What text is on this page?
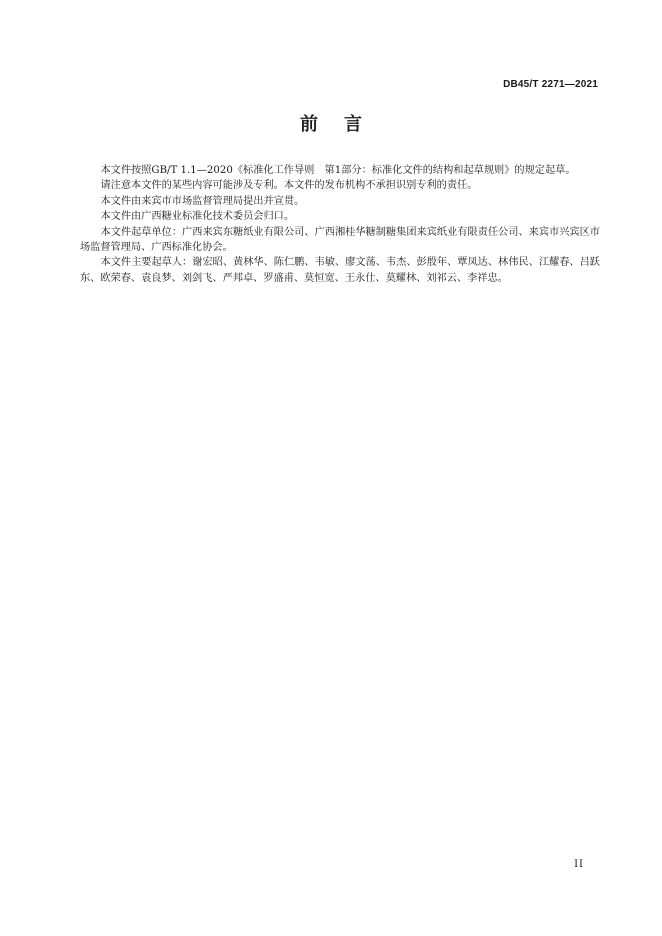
DB45/T 2271—2021
前言

本文件按照GB/T 1.1—2020《标准化工作导则　第1部分：标准化文件的结构和起草规则》的规定起草。

请注意本文件的某些内容可能涉及专利。本文件的发布机构不承担识别专利的责任。

本文件由来宾市市场监督管理局提出并宣贯。

本文件由广西糖业标准化技术委员会归口。

本文件起草单位：广西来宾东糖纸业有限公司、广西湘桂华糖制糖集团来宾纸业有限责任公司、来宾市兴宾区市场监督管理局、广西标准化协会。

本文件主要起草人：谢宏昭、黄林华、陈仁鹏、韦敏、廖文荡、韦杰、彭殷年、覃凤达、林伟民、江耀春、吕跃东、欧荣春、袁良梦、刘剑飞、严邦卓、罗盛甫、莫恒宽、王永仕、莫耀林、刘祁云、李祥忠。

II
